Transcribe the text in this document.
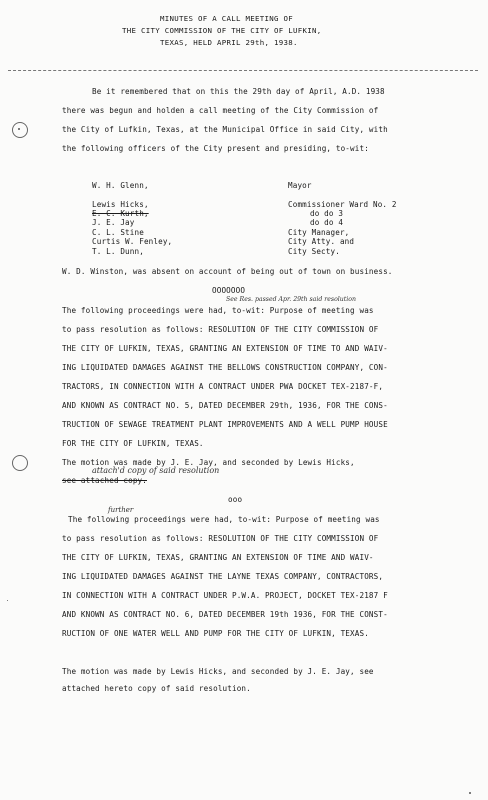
MINUTES OF A CALL MEETING OF
THE CITY COMMISSION OF THE CITY OF LUFKIN,
TEXAS, HELD APRIL 29th, 1938.
Be it remembered that on this the 29th day of April, A.D. 1938
there was begun and holden a call meeting of the City Commission of
the City of Lufkin, Texas, at the Municipal Office in said City, with
the following officers of the City present and presiding, to-wit:
W. H. Glenn,	Mayor
Lewis Hicks,	Commissioner Ward No. 2
E. C. Kurth,	do do 3
J. E. Jay	do do 4
C. L. Stine	City Manager,
Curtis W. Fenley,	City Atty. and
T. L. Dunn,	City Secty.
W. D. Winston, was absent on account of being out of town on business.
OOOOOOO
See Res. passed Apr. 29th said resolution
The following proceedings were had, to-wit: Purpose of meeting was
to pass resolution as follows: RESOLUTION OF THE CITY COMMISSION OF
THE CITY OF LUFKIN, TEXAS, GRANTING AN EXTENSION OF TIME TO AND WAIV-
ING LIQUIDATED DAMAGES AGAINST THE BELLOWS CONSTRUCTION COMPANY, CON-
TRACTORS, IN CONNECTION WITH A CONTRACT UNDER PWA DOCKET TEX-2187-F,
AND KNOWN AS CONTRACT NO. 5, DATED DECEMBER 29th, 1936, FOR THE CONS-
TRUCTION OF SEWAGE TREATMENT PLANT IMPROVEMENTS AND A WELL PUMP HOUSE
FOR THE CITY OF LUFKIN, TEXAS.
The motion was made by J. E. Jay, and seconded by Lewis Hicks,
attach'd copy of said resolution
see attached copy.
ooo
further
The following proceedings were had, to-wit: Purpose of meeting was
to pass resolution as follows: RESOLUTION OF THE CITY COMMISSION OF
THE CITY OF LUFKIN, TEXAS, GRANTING AN EXTENSION OF TIME AND WAIV-
ING LIQUIDATED DAMAGES AGAINST THE LAYNE TEXAS COMPANY, CONTRACTORS,
IN CONNECTION WITH A CONTRACT UNDER P.W.A. PROJECT, DOCKET TEX-2187 F
AND KNOWN AS CONTRACT NO. 6, DATED DECEMBER 19th 1936, FOR THE CONST-
RUCTION OF ONE WATER WELL AND PUMP FOR THE CITY OF LUFKIN, TEXAS.
The motion was made by Lewis Hicks, and seconded by J. E. Jay, see
attached hereto copy of said resolution.
